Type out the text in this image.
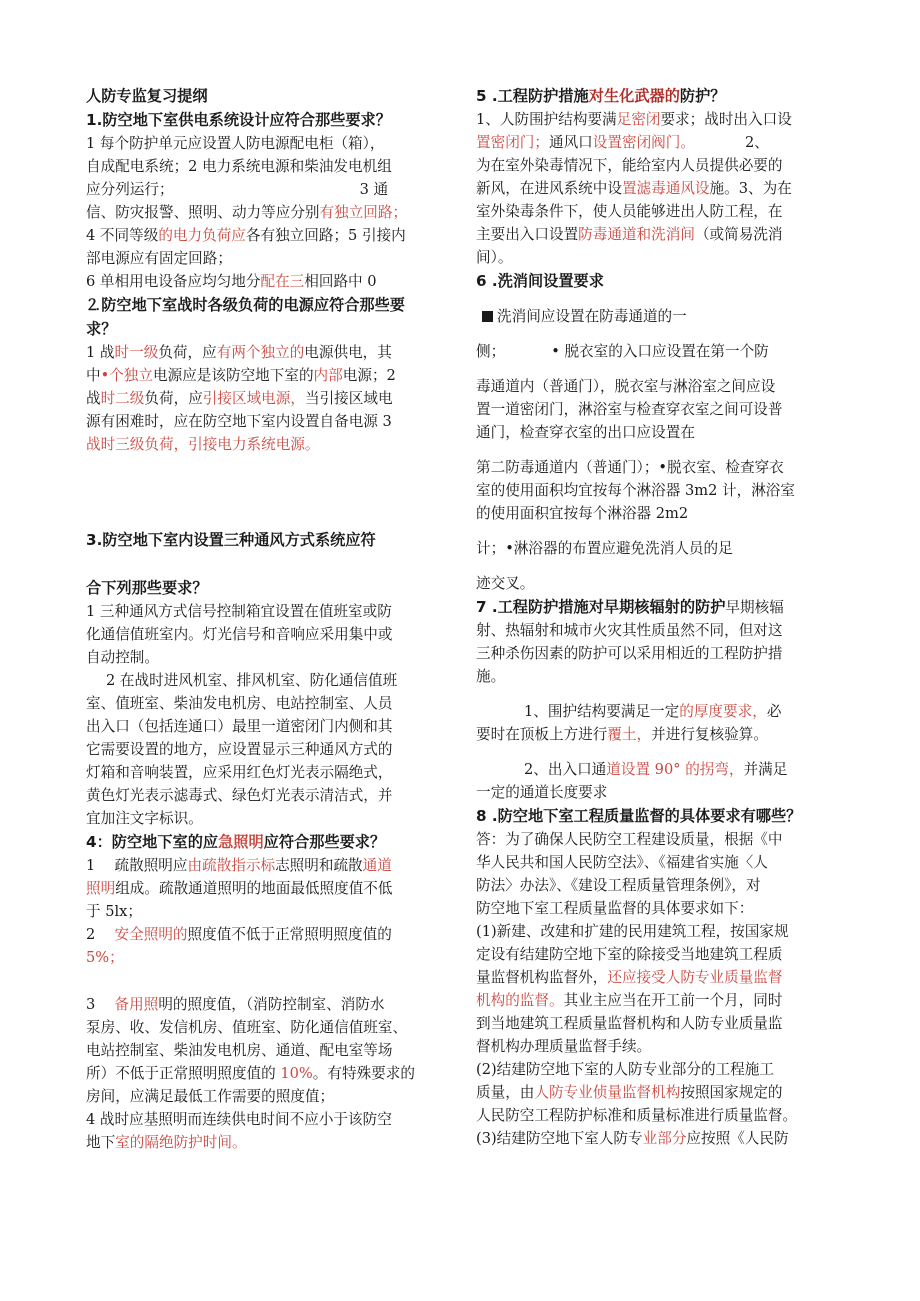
人防专监复习提纲

1.防空地下室供电系统设计应符合那些要求？

1 每个防护单元应设置人防电源配电柜（箱），

自成配电系统；2 电力系统电源和柴油发电机组

应分列运行；	3 通

信、防灾报警、照明、动力等应分别有独立回路；

4 不同等级的电力负荷应各有独立回路；5 引接内

部电源应有固定回路；

6 单相用电设备应均匀地分配在三相回路中 0

⒉防空地下室战时各级负荷的电源应符合那些要

求？

1 战时一级负荷，应有两个独立的电源供电，其

中•个独立电源应是该防空地下室的内部电源；2

战时二级负荷，应引接区域电源，当引接区域电

源有困难时，应在防空地下室内设置自备电源 3

战时三级负荷，引接电力系统电源。

3.防空地下室内设置三种通风方式系统应符

合下列那些要求？

1 三种通风方式信号控制箱宜设置在值班室或防

化通信值班室内。灯光信号和音响应采用集中或

自动控制。

2 在战时进风机室、排风机室、防化通信值班

室、值班室、柴油发电机房、电站控制室、人员

出入口（包括连通口）最里一道密闭门内侧和其

它需要设置的地方，应设置显示三种通风方式的

灯箱和音响装置，应采用红色灯光表示隔绝式，

黄色灯光表示滤毒式、绿色灯光表示清洁式，并

宜加注文字标识。

4：防空地下室的应急照明应符合那些要求？

1　 疏散照明应由疏散指示标志照明和疏散通道

照明组成。疏散通道照明的地面最低照度值不低

于 5lx；

2　 安全照明的照度值不低于正常照明照度值的

5%；

3　 备用照明的照度值，（消防控制室、消防水

泵房、收、发信机房、值班室、防化通信值班室、

电站控制室、柴油发电机房、通道、配电室等场

所）不低于正常照明照度值的 10%。有特殊要求的

房间，应满足最低工作需要的照度值；

4 战时应基照明而连续供电时间不应小于该防空

地下室的隔绝防护时间。

5 .工程防护措施对生化武器的防护？

1、人防围护结构要满足密闭要求；战时出入口设

置密闭门；通风口设置密闭阀门。	2、

为在室外染毒情况下，能给室内人员提供必要的

新风，在进风系统中设置滤毒通风设施。3、为在

室外染毒条件下，使人员能够进出人防工程，在

主要出入口设置防毒通道和洗消间（或简易洗消

间）。

6 .洗消间设置要求

洗消间应设置在防毒通道的一

侧；	• 脱衣室的入口应设置在第一个防

毒通道内（普通门），脱衣室与淋浴室之间应设

置一道密闭门，淋浴室与检查穿衣室之间可设普

通门，检查穿衣室的出口应设置在

第二防毒通道内（普通门）；•脱衣室、检查穿衣

室的使用面积均宜按每个淋浴器 3m2 计，淋浴室

的使用面积宜按每个淋浴器 2m2

计；•淋浴器的布置应避免洗消人员的足

迹交叉。

7 .工程防护措施对早期核辐射的防护早期核辐

射、热辐射和城市火灾其性质虽然不同，但对这

三种杀伤因素的防护可以采用相近的工程防护措

施。

1、围护结构要满足一定的厚度要求，必

要时在顶板上方进行覆土，并进行复核验算。

2、出入口通道设置 90° 的拐弯，并满足

一定的通道长度要求

8 .防空地下室工程质量监督的具体要求有哪些？

答：为了确保人民防空工程建设质量，根据《中

华人民共和国人民防空法》、《福建省实施〈人

防法〉办法》、《建设工程质量管理条例》，对

防空地下室工程质量监督的具体要求如下：

(1)新建、改建和扩建的民用建筑工程，按国家规

定设有结建防空地下室的除接受当地建筑工程质

量监督机构监督外，还应接受人防专业质量监督

机构的监督。其业主应当在开工前一个月，同时

到当地建筑工程质量监督机构和人防专业质量监

督机构办理质量监督手续。

(2)结建防空地下室的人防专业部分的工程施工

质量，由人防专业侦量监督机构按照国家规定的

人民防空工程防护标准和质量标准进行质量监督。

(3)结建防空地下室人防专业部分应按照《人民防
